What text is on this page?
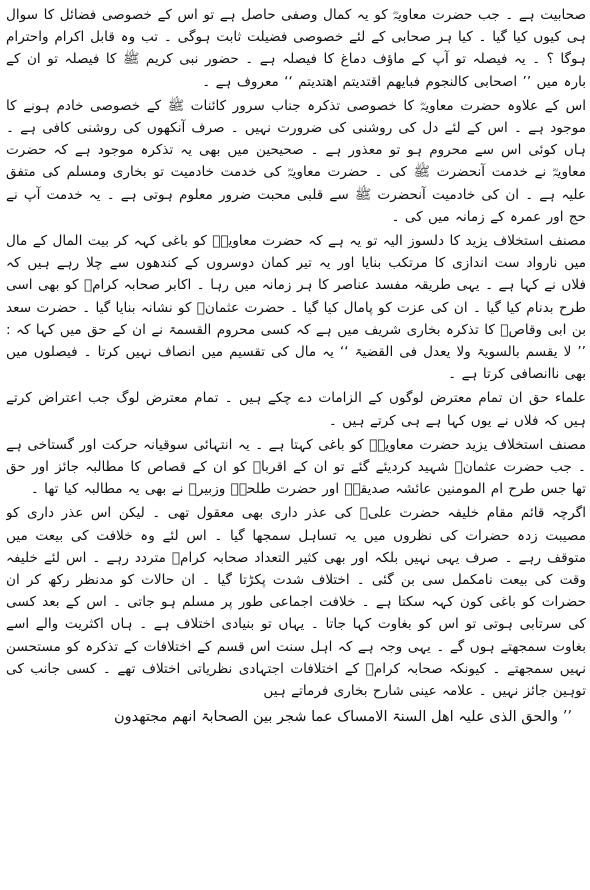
صحابیت ہے ۔ جب حضرت معاویہؓ کو یہ کمال وصفی حاصل ہے تو اس کے خصوصی فضائل کا سوال ہی کیوں کیا گیا ۔ کیا ہر صحابی کے لئے خصوصی فضیلت ثابت ہوگی ۔ تب وہ قابل اکرام واحترام ہوگا ؟ ۔ یہ فیصلہ تو آپ کے ماؤف دماغ کا فیصلہ ہے ۔ حضور نبی کریم ﷺ کا فیصلہ تو ان کے بارہ میں ’’ اصحابی کالنجوم فبایھم اقتدیتم اھتدیتم ‘‘ معروف ہے ۔

اس کے علاوہ حضرت معاویہؓ کا خصوصی تذکرہ جناب سرور کائنات ﷺ کے خصوصی خادم ہونے کا موجود ہے ۔ اس کے لئے دل کی روشنی کی ضرورت نہیں ۔ صرف آنکھوں کی روشنی کافی ہے ۔ ہاں کوئی اس سے محروم ہو تو معذور ہے ۔ صحیحین میں بھی یہ تذکرہ موجود ہے کہ حضرت معاویہؓ نے خدمت آنحضرت ﷺ کی ۔ حضرت معاویہؓ کی خدمت خادمیت تو بخاری ومسلم کی متفق علیہ ہے ۔ ان کی خادمیت آنحضرت ﷺ سے قلبی محبت ضرور معلوم ہوتی ہے ۔ یہ خدمت آپ نے حج اور عمرہ کے زمانہ میں کی ۔

مصنف استخلاف یزید کا دلسوز الیہ تو یہ ہے کہ حضرت معاویہؓ کو باغی کہہ کر بیت المال کے مال میں نارواد ست اندازی کا مرتکب بنایا اور یہ تیر کمان دوسروں کے کندھوں سے چلا رہے ہیں کہ فلاں نے کہا ہے ۔ یہی طریقہ مفسد عناصر کا ہر زمانہ میں رہا ۔ اکابر صحابہ کرامؓ کو بھی اسی طرح بدنام کیا گیا ۔ ان کی عزت کو پامال کیا گیا ۔ حضرت عثمانؓ کو نشانہ بنایا گیا ۔ حضرت سعد بن ابی وقاصؓ کا تذکرہ بخاری شریف میں ہے کہ کسی محروم القسمۃ نے ان کے حق میں کہا کہ : ’’ لا یقسم بالسویۃ ولا یعدل فی القضیۃ ‘‘ یہ مال کی تقسیم میں انصاف نہیں کرتا ۔ فیصلوں میں بھی ناانصافی کرتا ہے ۔

علماء حق ان تمام معترض لوگوں کے الزامات دے چکے ہیں ۔ تمام معترض لوگ جب اعتراض کرتے ہیں کہ فلاں نے یوں کہا ہے ہی کرتے ہیں ۔

مصنف استخلاف یزید حضرت معاویہؓ کو باغی کہتا ہے ۔ یہ انتہائی سوقیانہ حرکت اور گستاخی ہے ۔ جب حضرت عثمانؓ شہید کردیئے گئے تو ان کے اقرباؓ کو ان کے قصاص کا مطالبہ جائز اور حق تھا جس طرح ام المومنین عائشہ صدیقہؓ اور حضرت طلحہؓ وزبیرؓ نے بھی یہ مطالبہ کیا تھا ۔

اگرچہ قائم مقام خلیفہ حضرت علیؓ کی عذر داری بھی معقول تھی ۔ لیکن اس عذر داری کو مصیبت زدہ حضرات کی نظروں میں یہ تساہل سمجھا گیا ۔ اس لئے وہ خلافت کی بیعت میں متوقف رہے ۔ صرف یہی نہیں بلکہ اور بھی کثیر التعداد صحابہ کرامؓ متردد رہے ۔ اس لئے خلیفہ وقت کی بیعت نامکمل سی بن گئی ۔ اختلاف شدت پکڑتا گیا ۔ ان حالات کو مدنظر رکھ کر ان حضرات کو باغی کون کہہ سکتا ہے ۔ خلافت اجماعی طور پر مسلم ہو جاتی ۔ اس کے بعد کسی کی سرتابی ہوتی تو اس کو بغاوت کہا جاتا ۔ یہاں تو بنیادی اختلاف ہے ۔ ہاں اکثریت والے اسے بغاوت سمجھتے ہوں گے ۔ یہی وجہ ہے کہ اہل سنت اس قسم کے اختلافات کے تذکرہ کو مستحسن نہیں سمجھتے ۔ کیونکہ صحابہ کرامؓ کے اختلافات اجتہادی نظریاتی اختلاف تھے ۔ کسی جانب کی توہین جائز نہیں ۔ علامہ عینی شارح بخاری فرماتے ہیں

’’ والحق الذی علیہ اھل السنۃ الامساک عما شجر بین الصحابۃ انھم مجتھدون
